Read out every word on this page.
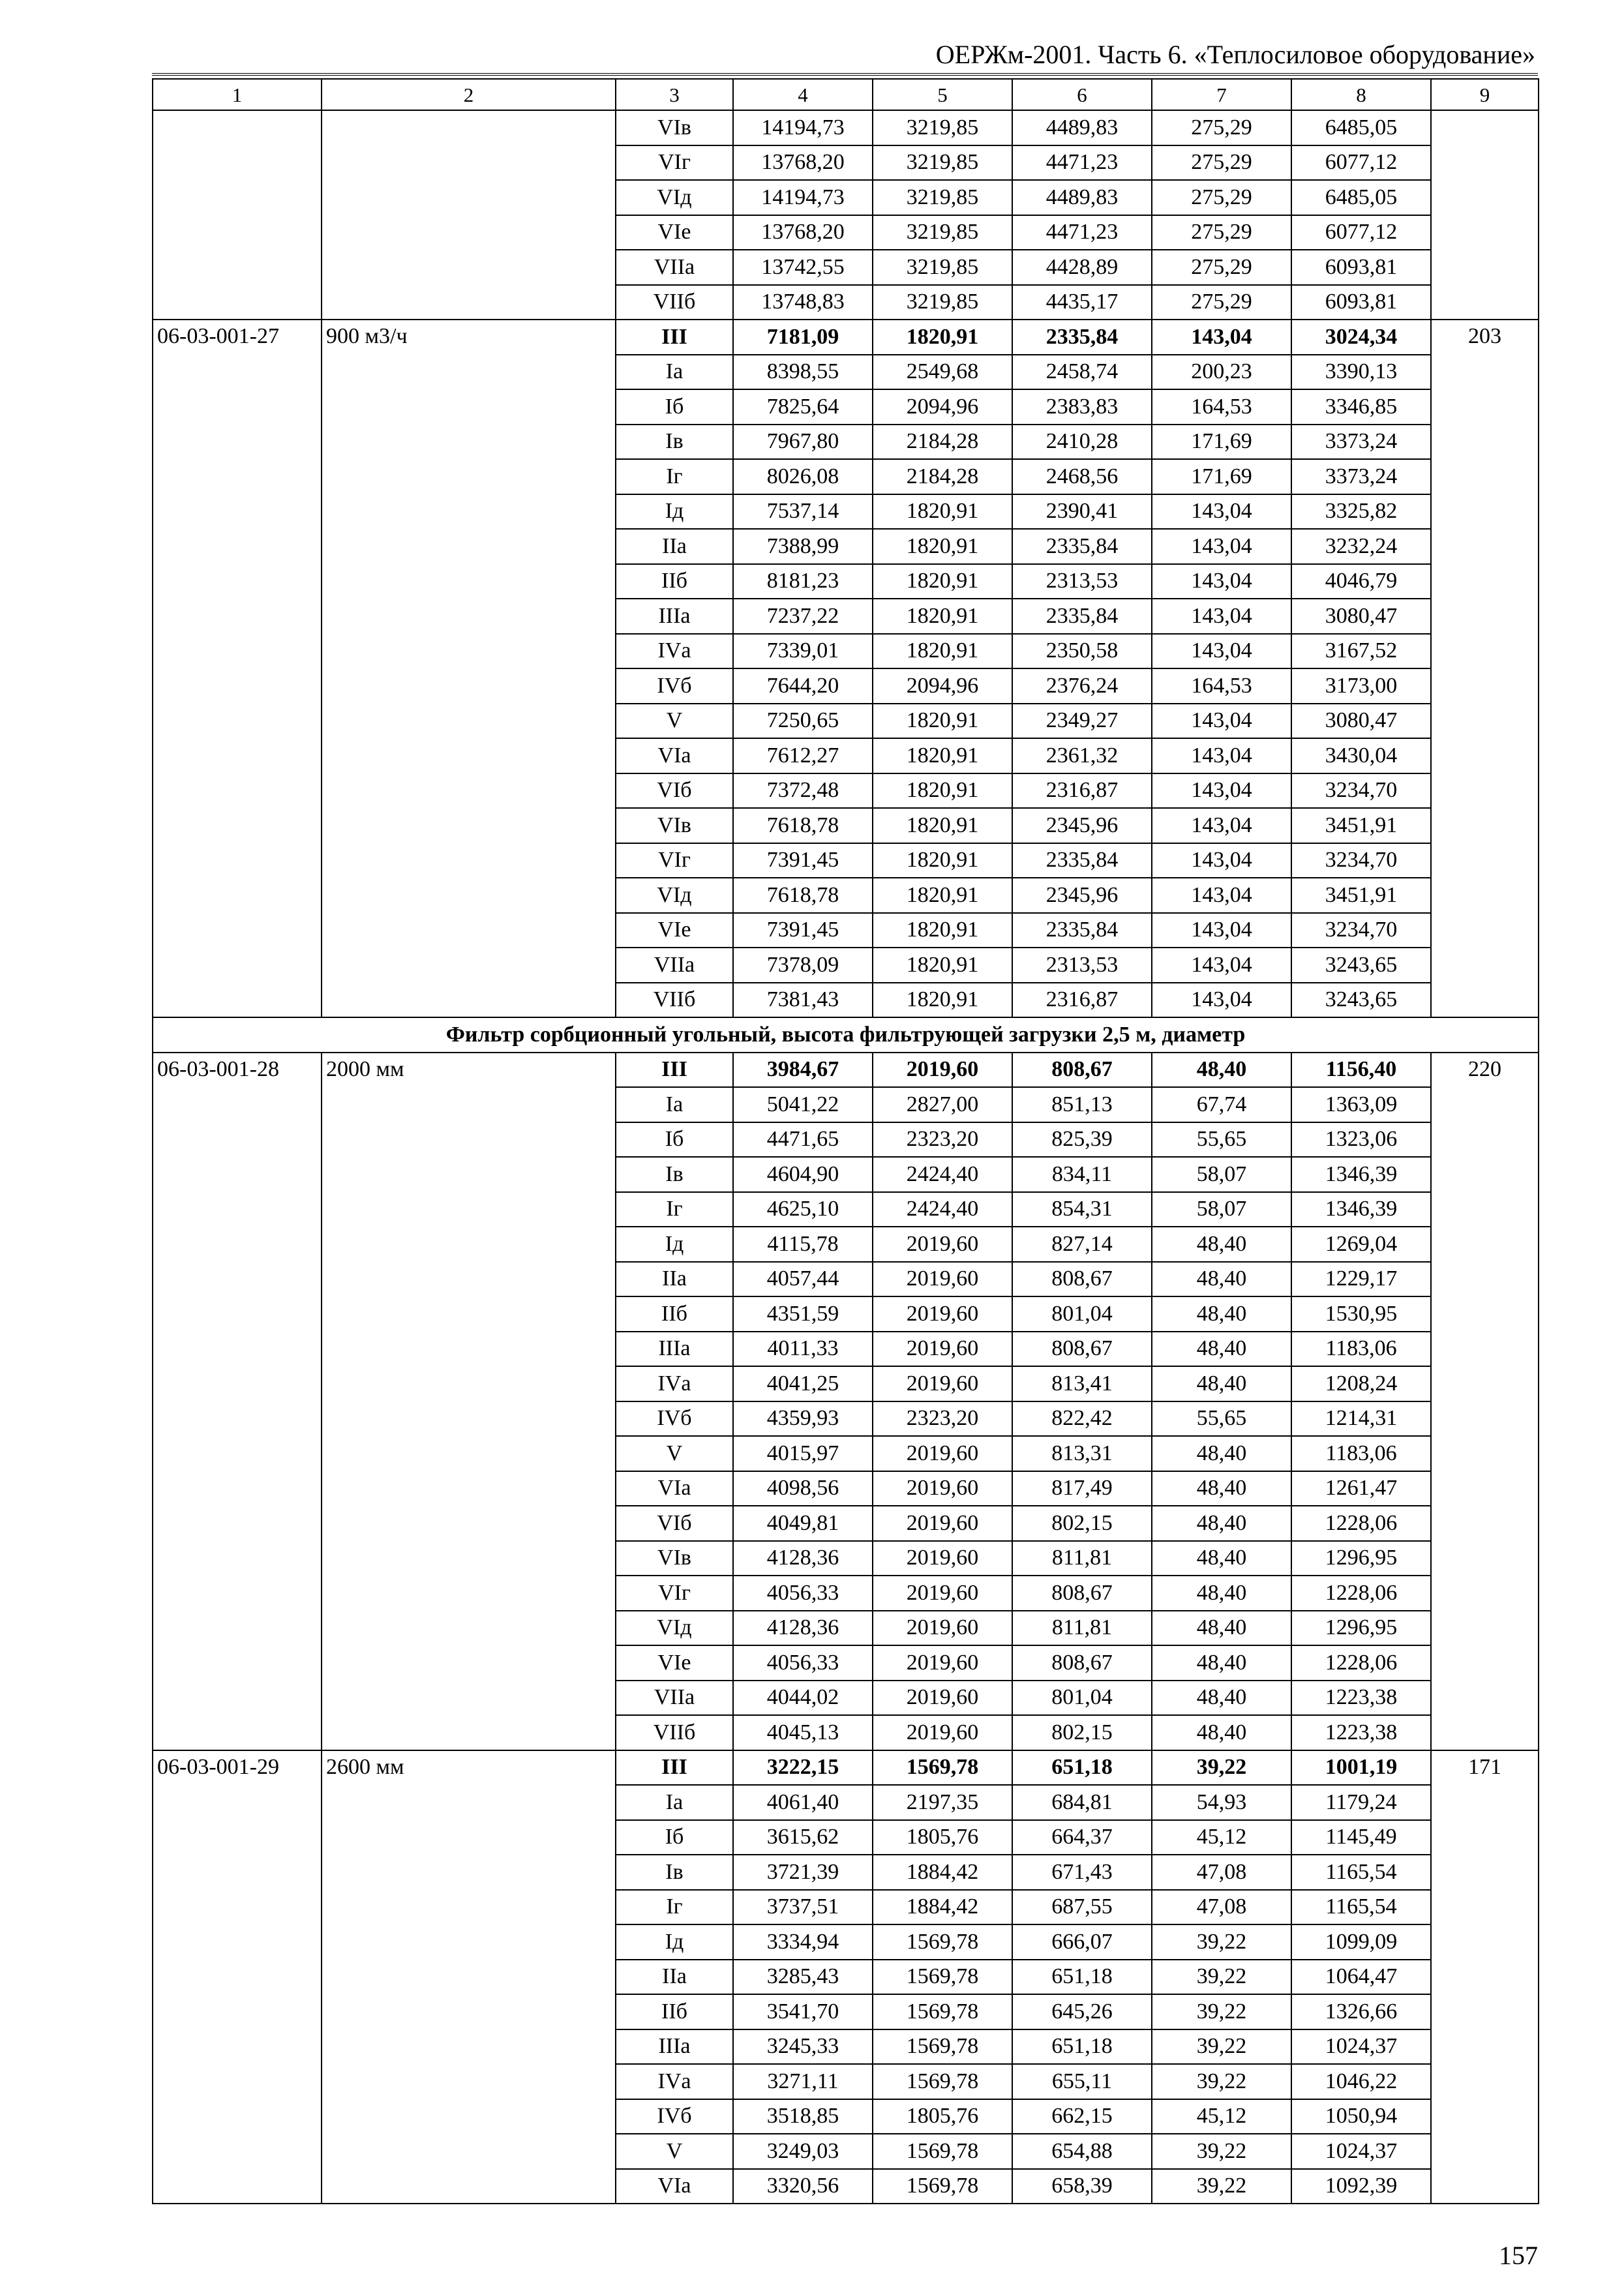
ОЕРЖм-2001. Часть 6. «Теплосиловое оборудование»
1	2	3	4	5	6	7	8	9
		VIв	14194,73	3219,85	4489,83	275,29	6485,05	
		VIг	13768,20	3219,85	4471,23	275,29	6077,12	
		VIд	14194,73	3219,85	4489,83	275,29	6485,05	
		VIе	13768,20	3219,85	4471,23	275,29	6077,12	
		VIIа	13742,55	3219,85	4428,89	275,29	6093,81	
		VIIб	13748,83	3219,85	4435,17	275,29	6093,81	
06-03-001-27	900 м3/ч	III	7181,09	1820,91	2335,84	143,04	3024,34	203
		Iа	8398,55	2549,68	2458,74	200,23	3390,13	
		Iб	7825,64	2094,96	2383,83	164,53	3346,85	
		Iв	7967,80	2184,28	2410,28	171,69	3373,24	
		Iг	8026,08	2184,28	2468,56	171,69	3373,24	
		Iд	7537,14	1820,91	2390,41	143,04	3325,82	
		IIа	7388,99	1820,91	2335,84	143,04	3232,24	
		IIб	8181,23	1820,91	2313,53	143,04	4046,79	
		IIIа	7237,22	1820,91	2335,84	143,04	3080,47	
		IVа	7339,01	1820,91	2350,58	143,04	3167,52	
		IVб	7644,20	2094,96	2376,24	164,53	3173,00	
		V	7250,65	1820,91	2349,27	143,04	3080,47	
		VIа	7612,27	1820,91	2361,32	143,04	3430,04	
		VIб	7372,48	1820,91	2316,87	143,04	3234,70	
		VIв	7618,78	1820,91	2345,96	143,04	3451,91	
		VIг	7391,45	1820,91	2335,84	143,04	3234,70	
		VIд	7618,78	1820,91	2345,96	143,04	3451,91	
		VIе	7391,45	1820,91	2335,84	143,04	3234,70	
		VIIа	7378,09	1820,91	2313,53	143,04	3243,65	
		VIIб	7381,43	1820,91	2316,87	143,04	3243,65	
Фильтр сорбционный угольный, высота фильтрующей загрузки 2,5 м, диаметр								
06-03-001-28	2000 мм	III	3984,67	2019,60	808,67	48,40	1156,40	220
		Iа	5041,22	2827,00	851,13	67,74	1363,09	
		Iб	4471,65	2323,20	825,39	55,65	1323,06	
		Iв	4604,90	2424,40	834,11	58,07	1346,39	
		Iг	4625,10	2424,40	854,31	58,07	1346,39	
		Iд	4115,78	2019,60	827,14	48,40	1269,04	
		IIа	4057,44	2019,60	808,67	48,40	1229,17	
		IIб	4351,59	2019,60	801,04	48,40	1530,95	
		IIIа	4011,33	2019,60	808,67	48,40	1183,06	
		IVа	4041,25	2019,60	813,41	48,40	1208,24	
		IVб	4359,93	2323,20	822,42	55,65	1214,31	
		V	4015,97	2019,60	813,31	48,40	1183,06	
		VIа	4098,56	2019,60	817,49	48,40	1261,47	
		VIб	4049,81	2019,60	802,15	48,40	1228,06	
		VIв	4128,36	2019,60	811,81	48,40	1296,95	
		VIг	4056,33	2019,60	808,67	48,40	1228,06	
		VIд	4128,36	2019,60	811,81	48,40	1296,95	
		VIе	4056,33	2019,60	808,67	48,40	1228,06	
		VIIа	4044,02	2019,60	801,04	48,40	1223,38	
		VIIб	4045,13	2019,60	802,15	48,40	1223,38	
06-03-001-29	2600 мм	III	3222,15	1569,78	651,18	39,22	1001,19	171
		Iа	4061,40	2197,35	684,81	54,93	1179,24	
		Iб	3615,62	1805,76	664,37	45,12	1145,49	
		Iв	3721,39	1884,42	671,43	47,08	1165,54	
		Iг	3737,51	1884,42	687,55	47,08	1165,54	
		Iд	3334,94	1569,78	666,07	39,22	1099,09	
		IIа	3285,43	1569,78	651,18	39,22	1064,47	
		IIб	3541,70	1569,78	645,26	39,22	1326,66	
		IIIа	3245,33	1569,78	651,18	39,22	1024,37	
		IVа	3271,11	1569,78	655,11	39,22	1046,22	
		IVб	3518,85	1805,76	662,15	45,12	1050,94	
		V	3249,03	1569,78	654,88	39,22	1024,37	
		VIа	3320,56	1569,78	658,39	39,22	1092,39	
157
